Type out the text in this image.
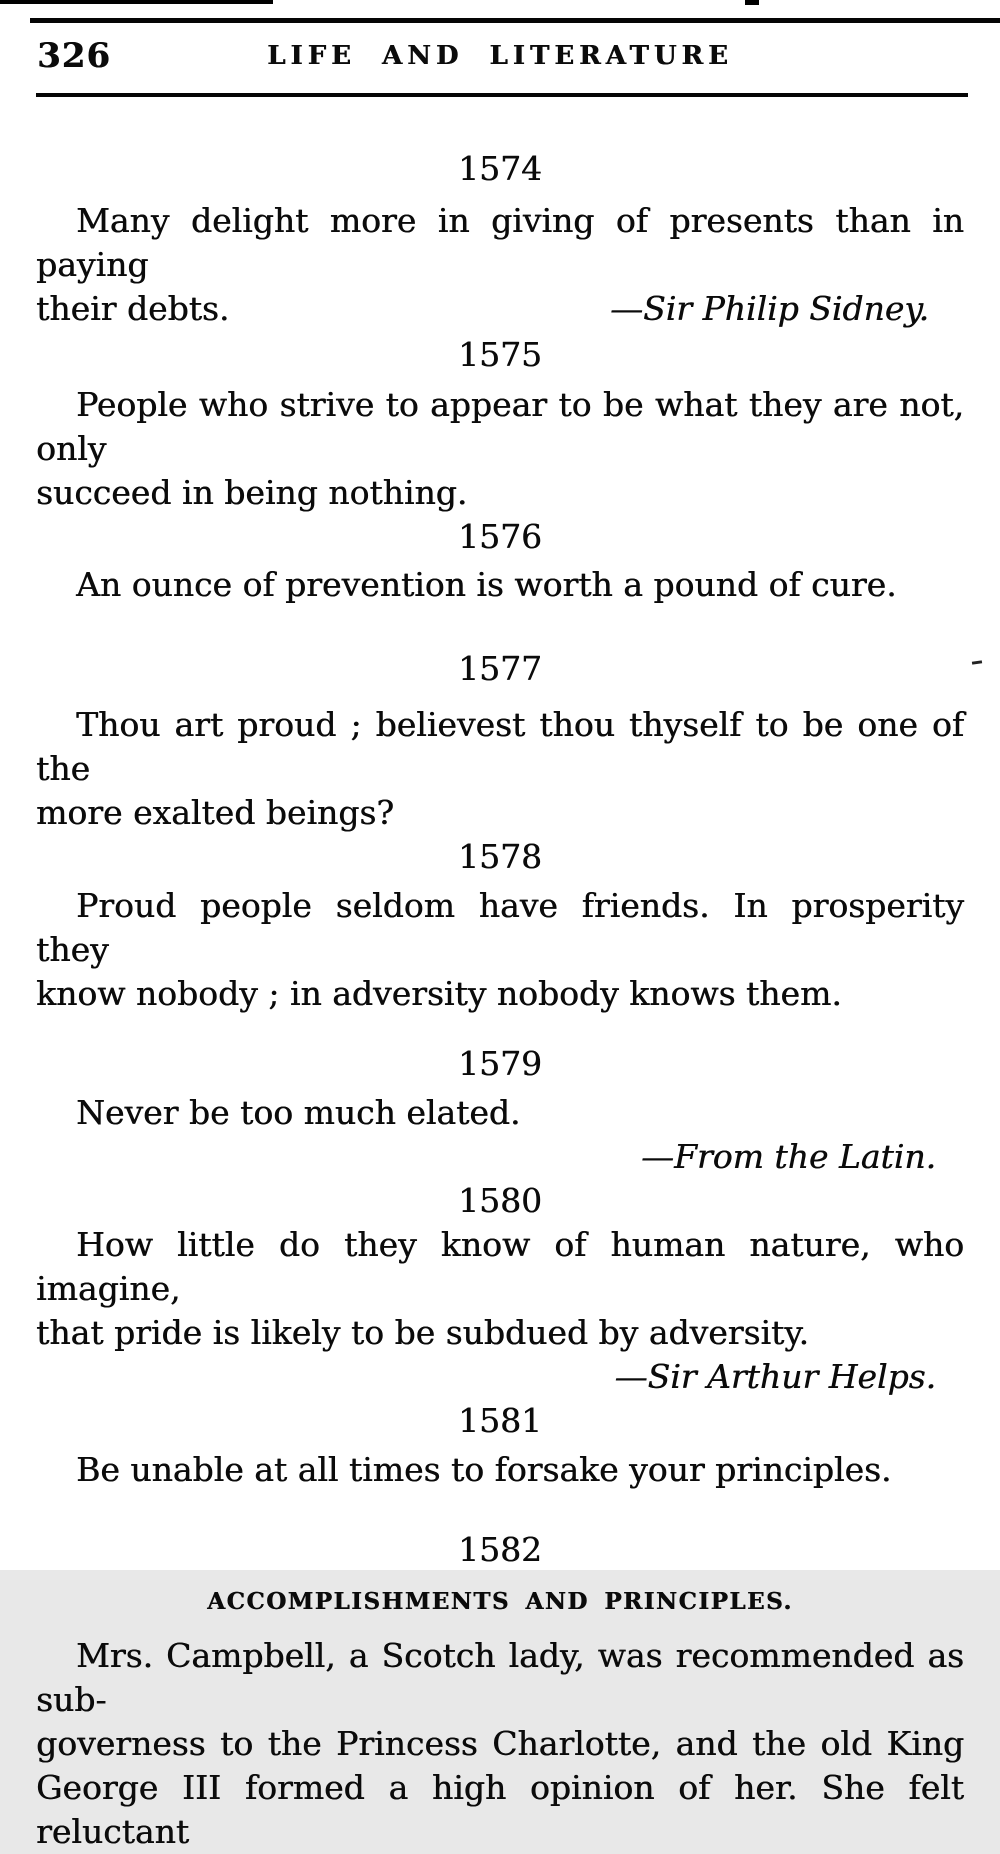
326	LIFE AND LITERATURE
1574
Many delight more in giving of presents than in paying
their debts.	—Sir Philip Sidney.
1575
People who strive to appear to be what they are not, only
succeed in being nothing.
1576
An ounce of prevention is worth a pound of cure.
1577
Thou art proud ; believest thou thyself to be one of the
more exalted beings?
1578
Proud people seldom have friends. In prosperity they
know nobody ; in adversity nobody knows them.
1579
Never be too much elated.
—From the Latin.
1580
How little do they know of human nature, who imagine,
that pride is likely to be subdued by adversity.
—Sir Arthur Helps.
1581
Be unable at all times to forsake your principles.
1582
ACCOMPLISHMENTS AND PRINCIPLES.
Mrs. Campbell, a Scotch lady, was recommended as sub-
governess to the Princess Charlotte, and the old King
George III formed a high opinion of her. She felt reluctant
